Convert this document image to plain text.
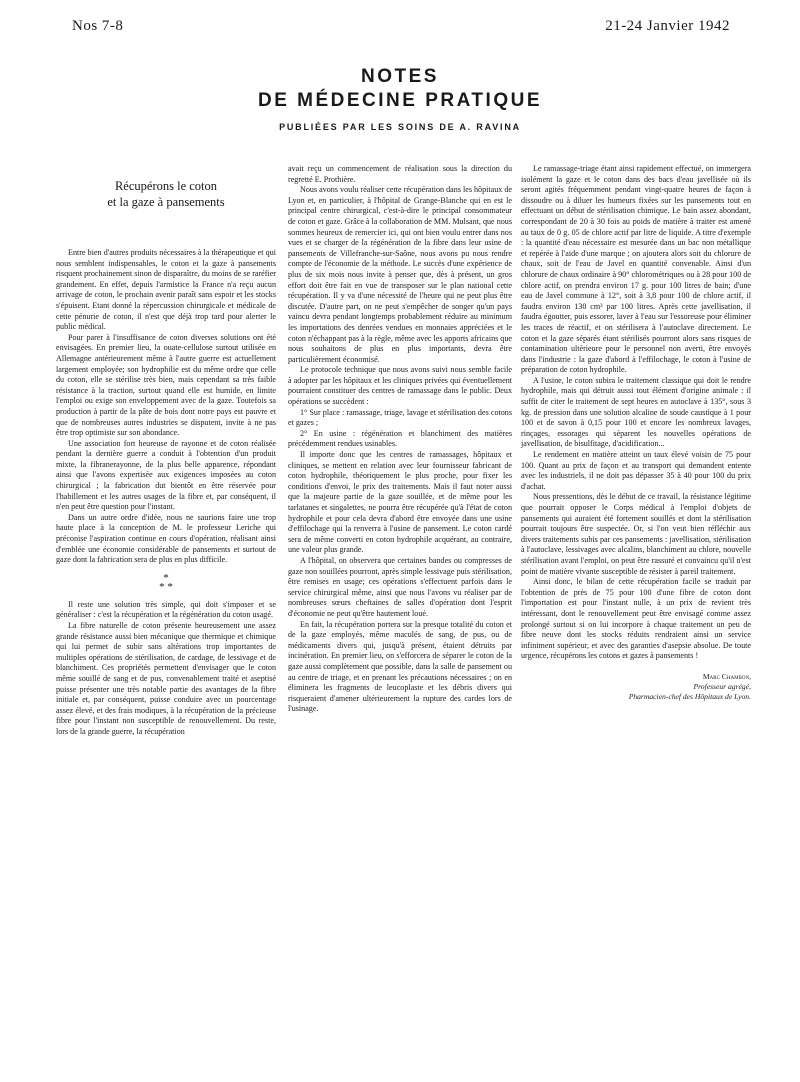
Nos 7-8	21-24 Janvier 1942
NOTES
DE MÉDECINE PRATIQUE
PUBLIÉES PAR LES SOINS DE A. RAVINA
Récupérons le coton
et la gaze à pansements

Entre bien d'autres produits nécessaires à la thérapeutique et qui nous semblent indispensables, le coton et la gaze à pansements risquent prochainement sinon de disparaître, du moins de se raréfier grandement. En effet, depuis l'armistice la France n'a reçu aucun arrivage de coton, le prochain avenir paraît sans espoir et les stocks s'épuisent. Etant donné la répercussion chirurgicale et médicale de cette pénurie de coton, il n'est que déjà trop tard pour alerter le public médical.

Pour parer à l'insuffisance de coton diverses solutions ont été envisagées. En premier lieu, la ouate-cellulose surtout utilisée en Allemagne antérieurement même à l'autre guerre est actuellement largement employée; son hydrophilie est du même ordre que celle du coton, elle se stérilise très bien, mais cependant sa très faible résistance à la traction, surtout quand elle est humide, en limite l'emploi ou exige son enveloppement avec de la gaze. Toutefois sa production à partir de la pâte de bois dont notre pays est pauvre et que de nombreuses autres industries se disputent, invite à ne pas être trop optimiste sur son abondance.

Une association fort heureuse de rayonne et de coton réalisée pendant la dernière guerre a conduit à l'obtention d'un produit mixte, la fibranerayonne, de la plus belle apparence, répondant ainsi que l'avons expertisée aux exigences imposées au coton chirurgical ; la fabrication dut bientôt en être réservée pour l'habillement et les autres usages de la fibre et, par conséquent, il n'en peut être question pour l'instant.

Dans un autre ordre d'idée, nous ne saurions faire une trop haute place à la conception de M. le professeur Leriche qui préconise l'aspiration continue en cours d'opération, réalisant ainsi d'emblée une économie considérable de pansements et surtout de gaze dont la fabrication sera de plus en plus difficile.

*
* *

Il reste une solution très simple, qui doit s'imposer et se généraliser : c'est la récupération et la régénération du coton usagé.

La fibre naturelle de coton présente heureusement une assez grande résistance aussi bien mécanique que thermique et chimique qui lui permet de subir sans altérations trop importantes de multiples opérations de stérilisation, de cardage, de lessivage et de blanchiment. Ces propriétés permettent d'envisager que le coton même souillé de sang et de pus, convenablement traité et aseptisé puisse présenter une très notable partie des avantages de la fibre initiale et, par conséquent, puisse conduire avec un pourcentage assez élevé, et des frais modiques, à la récupération de la précieuse fibre pour l'instant non susceptible de renouvellement. Du reste, lors de la grande guerre, la récupération

avait reçu un commencement de réalisation sous la direction du regretté E. Prothière.

Nous avons voulu réaliser cette récupération dans les hôpitaux de Lyon et, en particulier, à l'hôpital de Grange-Blanche qui en est le principal centre chirurgical, c'est-à-dire le principal consommateur de coton et gaze. Grâce à la collaboration de MM. Mulsant, que nous sommes heureux de remercier ici, qui ont bien voulu entrer dans nos vues et se charger de la régénération de la fibre dans leur usine de pansements de Villefranche-sur-Saône, nous avons pu nous rendre compte de l'économie de la méthode. Le succès d'une expérience de plus de six mois nous invite à penser que, dès à présent, un gros effort doit être fait en vue de transposer sur le plan national cette récupération. Il y va d'une nécessité de l'heure qui ne peut plus être discutée. D'autre part, on ne peut s'empêcher de songer qu'un pays vaincu devra pendant longtemps probablement réduire au minimum les importations des denrées vendues en monnaies appréciées et le coton n'échappant pas à la règle, même avec les apports africains que nous souhaitons de plus en plus importants, devra être particulièrement économisé.

Le protocole technique que nous avons suivi nous semble facile à adopter par les hôpitaux et les cliniques privées qui éventuellement pourraient constituer des centres de ramassage dans le public. Deux opérations se succèdent :

1° Sur place : ramassage, triage, lavage et stérilisation des cotons et gazes ;

2° En usine : régénération et blanchiment des matières précédemment rendues usinables.

Il importe donc que les centres de ramassages, hôpitaux et cliniques, se mettent en relation avec leur fournisseur fabricant de coton hydrophile, théoriquement le plus proche, pour fixer les conditions d'envoi, le prix des traitements. Mais il faut noter aussi que la majeure partie de la gaze souillée, et de même pour les tarlatanes et singalettes, ne pourra être récupérée qu'à l'état de coton hydrophile et pour cela devra d'abord être envoyée dans une usine d'effilochage qui la renverra à l'usine de pansement. Le coton cardé sera de même converti en coton hydrophile acquérant, au contraire, une valeur plus grande.

A l'hôpital, on observera que certaines bandes ou compresses de gaze non souillées pourront, après simple lessivage puis stérilisation, être remises en usage; ces opérations s'effectuent parfois dans le service chirurgical même, ainsi que nous l'avons vu réaliser par de nombreuses sœurs cheftaines de salles d'opération dont l'esprit d'économie ne peut qu'être hautement loué.

En fait, la récupération portera sur la presque totalité du coton et de la gaze employés, même maculés de sang, de pus, ou de médicaments divers qui, jusqu'à présent, étaient détruits par incinération. En premier lieu, on s'efforcera de séparer le coton de la gaze aussi complètement que possible, dans la salle de pansement ou au centre de triage, et en prenant les précautions nécessaires ; on en éliminera les fragments de leucoplaste et les débris divers qui risqueraient d'amener ultérieurement la rupture des cardes lors de l'usinage.

Le ramassage-triage étant ainsi rapidement effectué, on immergera isolément la gaze et le coton dans des bacs d'eau javellisée où ils seront agités fréquemment pendant vingt-quatre heures de façon à dissoudre ou à diluer les humeurs fixées sur les pansements tout en effectuant un début de stérilisation chimique. Le bain assez abondant, correspondant de 20 à 30 fois au poids de matière à traiter est amené au taux de 0 g. 05 de chlore actif par litre de liquide. A titre d'exemple : la quantité d'eau nécessaire est mesurée dans un bac non métallique et repérée à l'aide d'une marque ; on ajoutera alors soit du chlorure de chaux, soit de l'eau de Javel en quantité convenable. Ainsi d'un chlorure de chaux ordinaire à 90° chlorométriques ou à 28 pour 100 de chlore actif, on prendra environ 17 g. pour 100 litres de bain; d'une eau de Javel commune à 12°, soit à 3,8 pour 100 de chlore actif, il faudra environ 130 cm³ par 100 litres. Après cette javellisation, il faudra égoutter, puis essorer, laver à l'eau sur l'essoreuse pour éliminer les traces de réactif, et on stérilisera à l'autoclave directement. Le coton et la gaze séparés étant stérilisés pourront alors sans risques de contamination ultérieure pour le personnel non averti, être envoyés dans l'industrie : la gaze d'abord à l'effilochage, le coton à l'usine de préparation de coton hydrophile.

A l'usine, le coton subira le traitement classique qui doit le rendre hydrophile, mais qui détruit aussi tout élément d'origine animale : il suffit de citer le traitement de sept heures en autoclave à 135°, sous 3 kg. de pression dans une solution alcaline de soude caustique à 1 pour 100 et de savon à 0,15 pour 100 et encore les nombreux lavages, rinçages, essorages qui séparent les nouvelles opérations de javellisation, de bisulfitage, d'acidification...

Le rendement en matière atteint un taux élevé voisin de 75 pour 100. Quant au prix de façon et au transport qui demandent entente avec les industriels, il ne doit pas dépasser 35 à 40 pour 100 du prix d'achat.

Nous pressentions, dès le début de ce travail, la résistance légitime que pourrait opposer le Corps médical à l'emploi d'objets de pansements qui auraient été fortement souillés et dont la stérilisation pourrait toujours être suspectée. Or, si l'on veut bien réfléchir aux divers traitements subis par ces pansements : javellisation, stérilisation à l'autoclave, lessivages avec alcalins, blanchiment au chlore, nouvelle stérilisation avant l'emploi, on peut être rassuré et convaincu qu'il n'est point de matière vivante susceptible de résister à pareil traitement.

Ainsi donc, le bilan de cette récupération facile se traduit par l'obtention de près de 75 pour 100 d'une fibre de coton dont l'importation est pour l'instant nulle, à un prix de revient très intéressant, dont le renouvellement peut être envisagé comme assez prolongé surtout si on lui incorpore à chaque traitement un peu de fibre neuve dont les stocks réduits rendraient ainsi un service infiniment supérieur, et avec des garanties d'asepsie absolue. De toute urgence, récupérons les cotons et gazes à pansements !

Marc Chambon,
Professeur agrégé,
Pharmacien-chef des Hôpitaux de Lyon.
